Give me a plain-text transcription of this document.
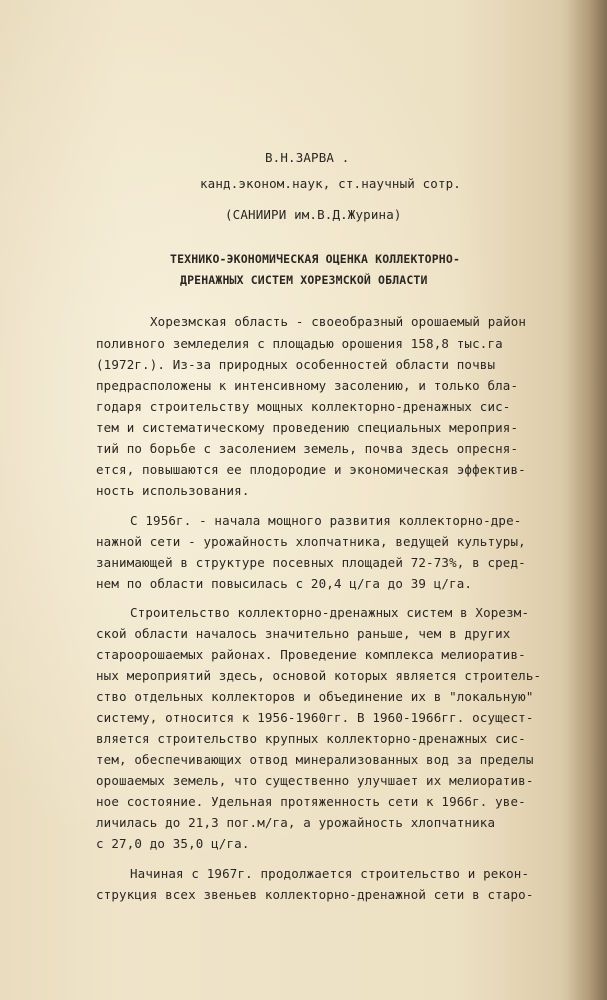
В.Н.ЗАРВА .
канд.эконом.наук, ст.научный сотр.
(САНИИРИ им.В.Д.Журина)
ТЕХНИКО-ЭКОНОМИЧЕСКАЯ ОЦЕНКА КОЛЛЕКТОРНО-
ДРЕНАЖНЫХ СИСТЕМ ХОРЕЗМСКОЙ ОБЛАСТИ
Хорезмская область - своеобразный орошаемый район
поливного земледелия с площадью орошения 158,8 тыс.га
(1972г.). Из-за природных особенностей области почвы
предрасположены к интенсивному засолению, и только бла-
годаря строительству мощных коллекторно-дренажных сис-
тем и систематическому проведению специальных мероприя-
тий по борьбе с засолением земель, почва здесь опресня-
ется, повышаются ее плодородие и экономическая эффектив-
ность использования.
С 1956г. - начала мощного развития коллекторно-дре-
нажной сети - урожайность хлопчатника, ведущей культуры,
занимающей в структуре посевных площадей 72-73%, в сред-
нем по области повысилась с 20,4 ц/га до 39 ц/га.
Строительство коллекторно-дренажных систем в Хорезм-
ской области началось значительно раньше, чем в других
староорошаемых районах. Проведение комплекса мелиоратив-
ных мероприятий здесь, основой которых является строитель-
ство отдельных коллекторов и объединение их в "локальную"
систему, относится к 1956-1960гг. В 1960-1966гг. осущест-
вляется строительство крупных коллекторно-дренажных сис-
тем, обеспечивающих отвод минерализованных вод за пределы
орошаемых земель, что существенно улучшает их мелиоратив-
ное состояние. Удельная протяженность сети к 1966г. уве-
личилась до 21,3 пог.м/га, а урожайность хлопчатника
с 27,0 до 35,0 ц/га.
Начиная с 1967г. продолжается строительство и рекон-
струкция всех звеньев коллекторно-дренажной сети в старо-
